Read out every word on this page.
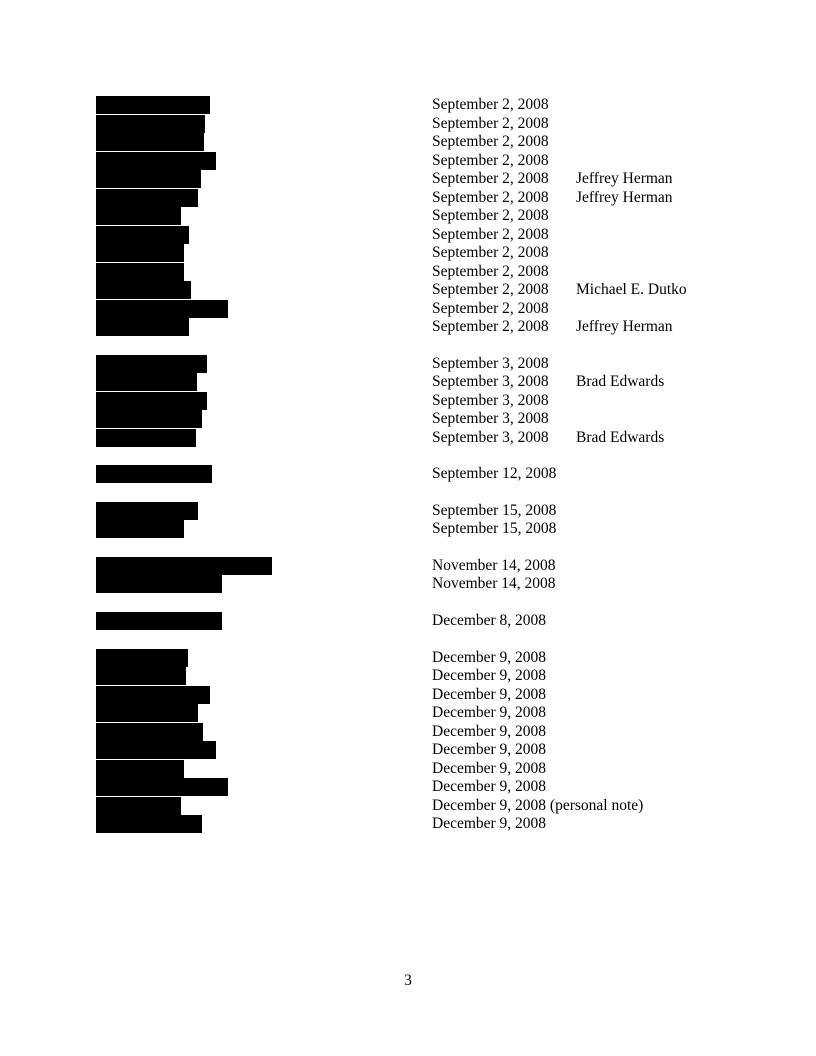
September 2, 2008
September 2, 2008
September 2, 2008
September 2, 2008
September 2, 2008 Jeffrey Herman
September 2, 2008 Jeffrey Herman
September 2, 2008
September 2, 2008
September 2, 2008
September 2, 2008
September 2, 2008 Michael E. Dutko
September 2, 2008
September 2, 2008 Jeffrey Herman
September 3, 2008
September 3, 2008 Brad Edwards
September 3, 2008
September 3, 2008
September 3, 2008 Brad Edwards
September 12, 2008
September 15, 2008
September 15, 2008
November 14, 2008
November 14, 2008
December 8, 2008
December 9, 2008
December 9, 2008
December 9, 2008
December 9, 2008
December 9, 2008
December 9, 2008
December 9, 2008
December 9, 2008
December 9, 2008 (personal note)
December 9, 2008
3
